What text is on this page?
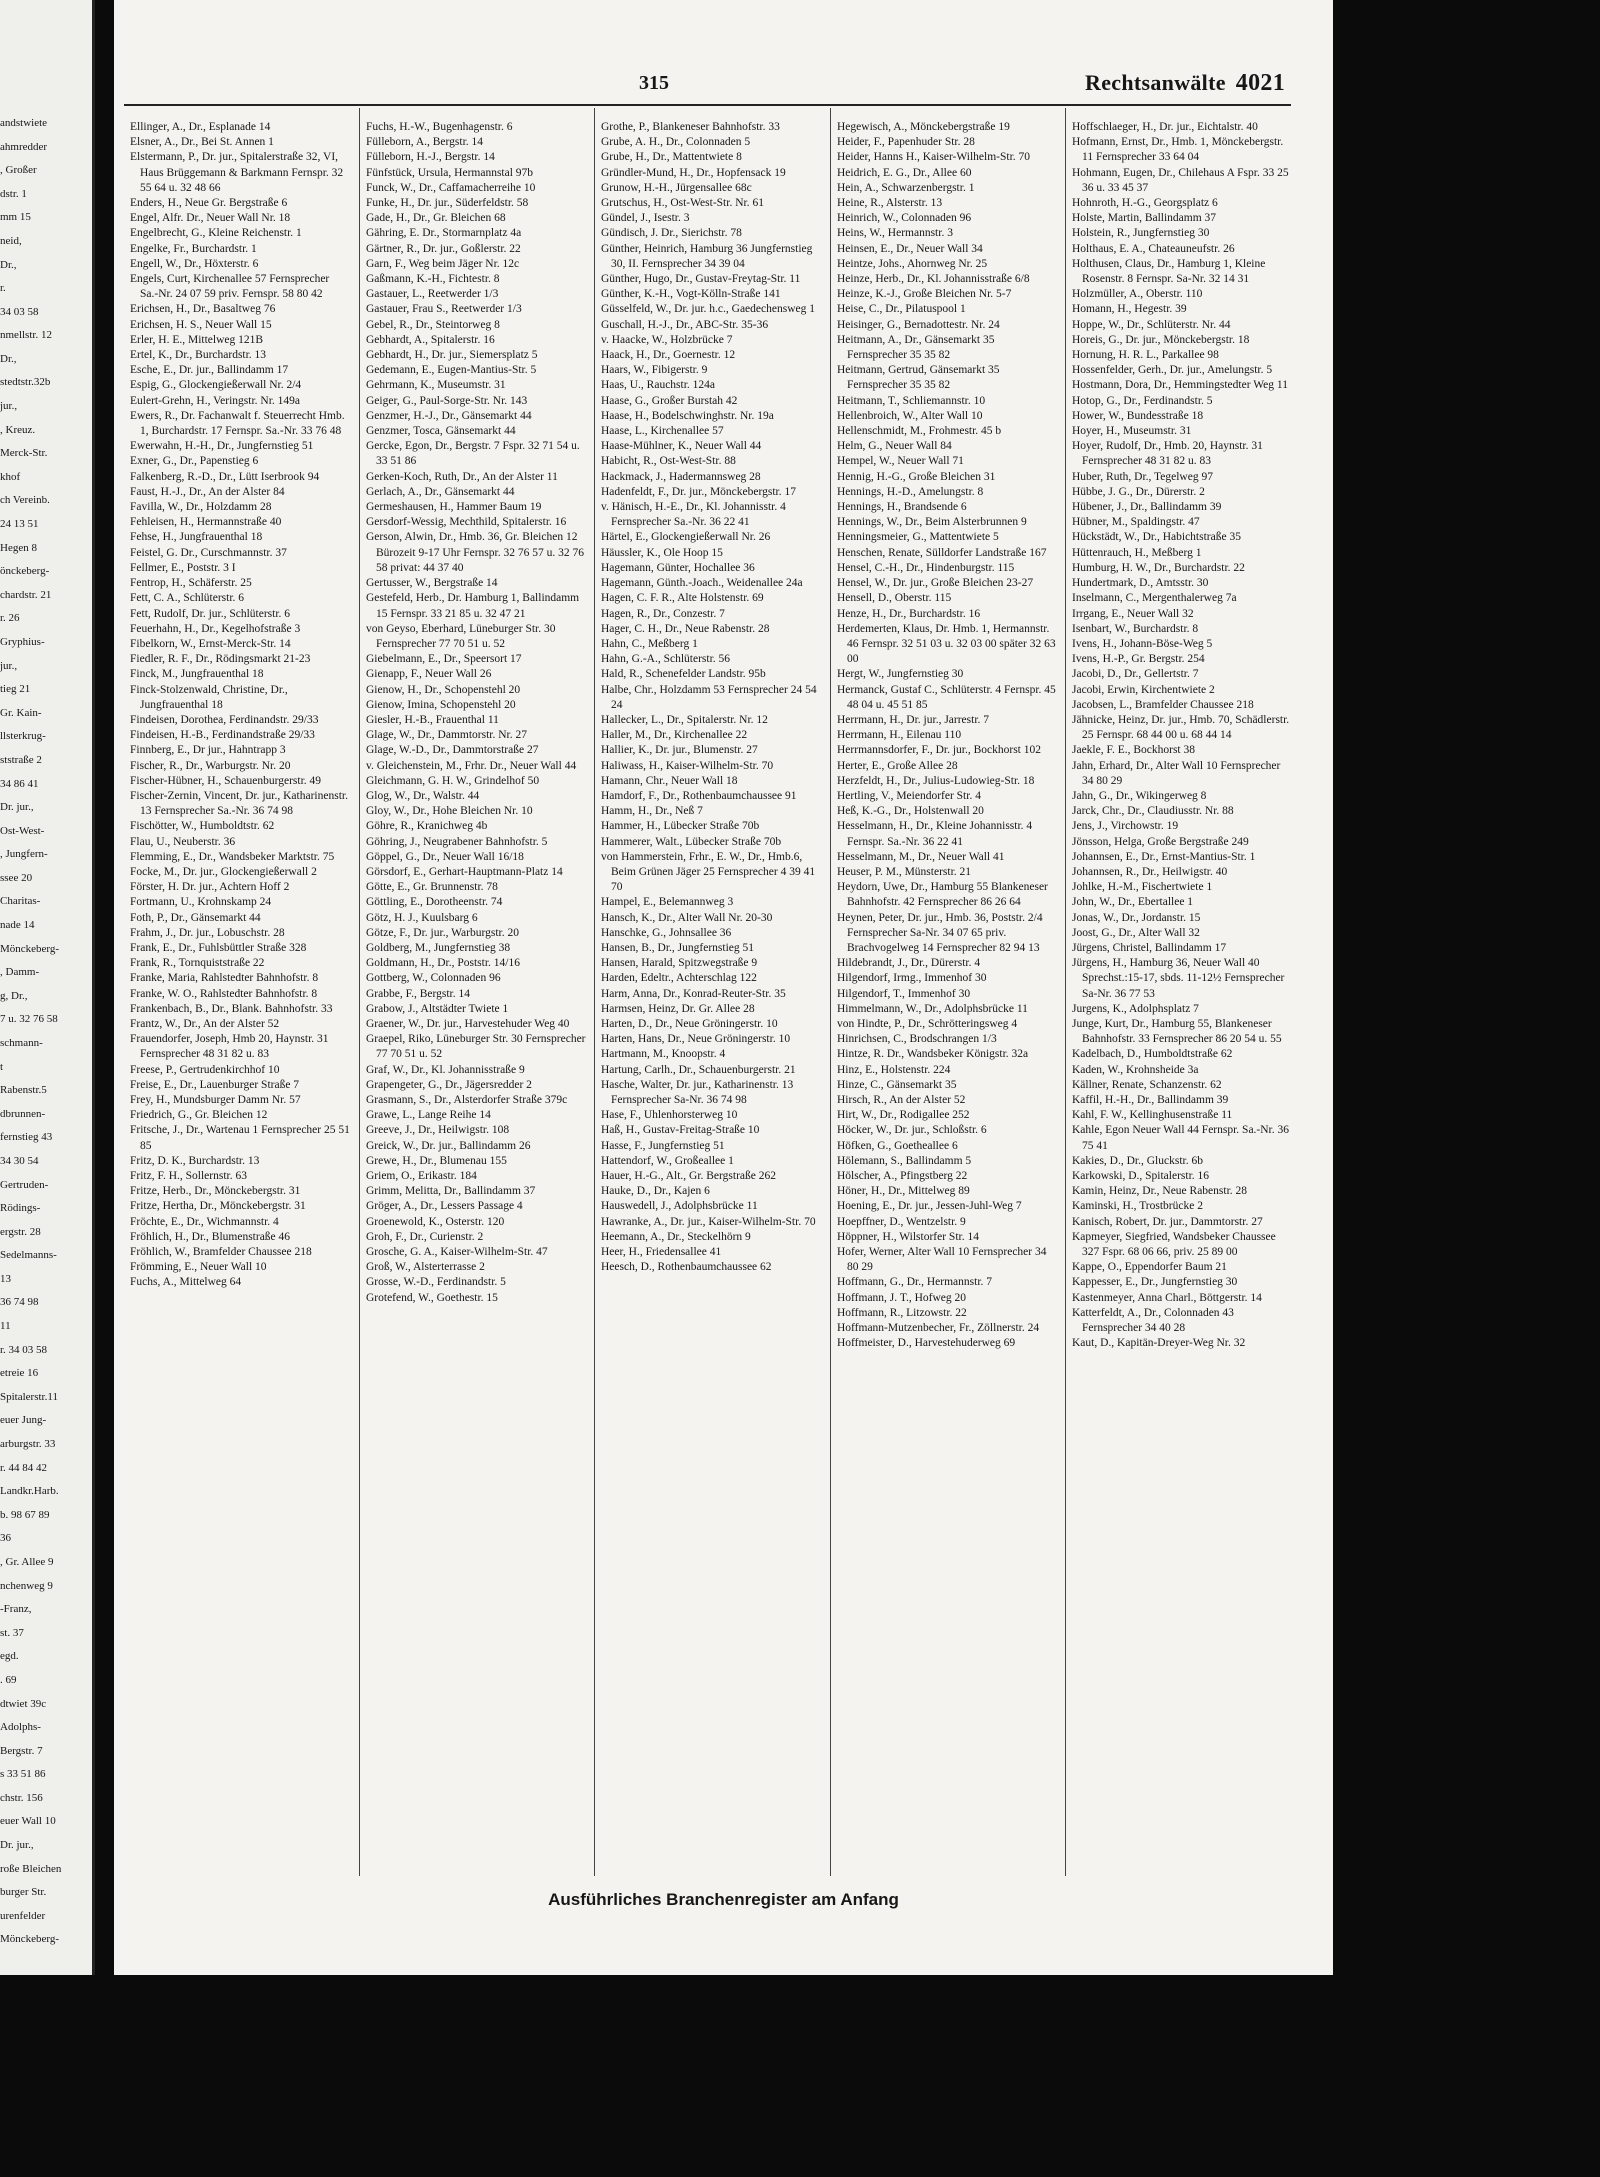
andstwiete
ahmredder
, Großer
dstr. 1
mm 15
neid,
Dr.,
r.
34 03 58
nmellstr. 12
Dr.,
stedtstr.32b
jur.,
, Kreuz.
Merck-Str.
khof
ch Vereinb.
24 13 51
Hegen 8
önckeberg-
chardstr. 21
r. 26
Gryphius-
jur.,
tieg 21
Gr. Kain-
llsterkrug-
ststraße 2
34 86 41
Dr. jur.,
Ost-West-
, Jungfern-
ssee 20
Charitas-
nade 14
Mönckeberg-
, Damm-
g, Dr.,
7 u. 32 76 58
schmann-
t
Rabenstr.5
dbrunnen-
fernstieg 43
34 30 54
Gertruden-
Rödings-
ergstr. 28
Sedelmanns-
13
36 74 98
11
r. 34 03 58
etreie 16
Spitalerstr.11
euer Jung-
arburgstr. 33
r. 44 84 42
Landkr.Harb.
b. 98 67 89
36
, Gr. Allee 9
nchenweg 9
-Franz,
st. 37
egd.
. 69
dtwiet 39c
Adolphs-
Bergstr. 7
s 33 51 86
chstr. 156
euer Wall 10
Dr. jur.,
roße Bleichen
burger Str.
urenfelder
Mönckeberg-
315	Rechtsanwälte 4021

Ellinger, A., Dr., Esplanade 14

Elsner, A., Dr., Bei St. Annen 1

Elstermann, P., Dr. jur., Spitalerstraße 32, VI, Haus Brüggemann & Barkmann Fernspr. 32 55 64 u. 32 48 66

Enders, H., Neue Gr. Bergstraße 6

Engel, Alfr. Dr., Neuer Wall Nr. 18

Engelbrecht, G., Kleine Reichenstr. 1

Engelke, Fr., Burchardstr. 1

Engell, W., Dr., Höxterstr. 6

Engels, Curt, Kirchenallee 57 Fernsprecher Sa.-Nr. 24 07 59 priv. Fernspr. 58 80 42

Erichsen, H., Dr., Basaltweg 76

Erichsen, H. S., Neuer Wall 15

Erler, H. E., Mittelweg 121B

Ertel, K., Dr., Burchardstr. 13

Esche, E., Dr. jur., Ballindamm 17

Espig, G., Glockengießerwall Nr. 2/4

Eulert-Grehn, H., Veringstr. Nr. 149a

Ewers, R., Dr. Fachanwalt f. Steuerrecht Hmb. 1, Burchardstr. 17 Fernspr. Sa.-Nr. 33 76 48

Ewerwahn, H.-H., Dr., Jungfernstieg 51

Exner, G., Dr., Papenstieg 6

Falkenberg, R.-D., Dr., Lütt Iserbrook 94

Faust, H.-J., Dr., An der Alster 84

Favilla, W., Dr., Holzdamm 28

Fehleisen, H., Hermannstraße 40

Fehse, H., Jungfrauenthal 18

Feistel, G. Dr., Curschmannstr. 37

Fellmer, E., Poststr. 3 I

Fentrop, H., Schäferstr. 25

Fett, C. A., Schlüterstr. 6

Fett, Rudolf, Dr. jur., Schlüterstr. 6

Feuerhahn, H., Dr., Kegelhofstraße 3

Fibelkorn, W., Ernst-Merck-Str. 14

Fiedler, R. F., Dr., Rödingsmarkt 21-23

Finck, M., Jungfrauenthal 18

Finck-Stolzenwald, Christine, Dr., Jungfrauenthal 18

Findeisen, Dorothea, Ferdinandstr. 29/33

Findeisen, H.-B., Ferdinandstraße 29/33

Finnberg, E., Dr jur., Hahntrapp 3

Fischer, R., Dr., Warburgstr. Nr. 20

Fischer-Hübner, H., Schauenburgerstr. 49

Fischer-Zernin, Vincent, Dr. jur., Katharinenstr. 13 Fernsprecher Sa.-Nr. 36 74 98

Fischötter, W., Humboldtstr. 62

Flau, U., Neuberstr. 36

Flemming, E., Dr., Wandsbeker Marktstr. 75

Focke, M., Dr. jur., Glockengießerwall 2

Förster, H. Dr. jur., Achtern Hoff 2

Fortmann, U., Krohnskamp 24

Foth, P., Dr., Gänsemarkt 44

Frahm, J., Dr. jur., Lobuschstr. 28

Frank, E., Dr., Fuhlsbüttler Straße 328

Frank, R., Tornquiststraße 22

Franke, Maria, Rahlstedter Bahnhofstr. 8

Franke, W. O., Rahlstedter Bahnhofstr. 8

Frankenbach, B., Dr., Blank. Bahnhofstr. 33

Frantz, W., Dr., An der Alster 52

Frauendorfer, Joseph, Hmb 20, Haynstr. 31 Fernsprecher 48 31 82 u. 83

Freese, P., Gertrudenkirchhof 10

Freise, E., Dr., Lauenburger Straße 7

Frey, H., Mundsburger Damm Nr. 57

Friedrich, G., Gr. Bleichen 12

Fritsche, J., Dr., Wartenau 1 Fernsprecher 25 51 85

Fritz, D. K., Burchardstr. 13

Fritz, F. H., Sollernstr. 63

Fritze, Herb., Dr., Mönckebergstr. 31

Fritze, Hertha, Dr., Mönckebergstr. 31

Fröchte, E., Dr., Wichmannstr. 4

Fröhlich, H., Dr., Blumenstraße 46

Fröhlich, W., Bramfelder Chaussee 218

Frömming, E., Neuer Wall 10

Fuchs, A., Mittelweg 64

Fuchs, H.-W., Bugenhagenstr. 6

Fülleborn, A., Bergstr. 14

Fülleborn, H.-J., Bergstr. 14

Fünfstück, Ursula, Hermannstal 97b

Funck, W., Dr., Caffamacherreihe 10

Funke, H., Dr. jur., Süderfeldstr. 58

Gade, H., Dr., Gr. Bleichen 68

Gähring, E. Dr., Stormarnplatz 4a

Gärtner, R., Dr. jur., Goßlerstr. 22

Garn, F., Weg beim Jäger Nr. 12c

Gaßmann, K.-H., Fichtestr. 8

Gastauer, L., Reetwerder 1/3

Gastauer, Frau S., Reetwerder 1/3

Gebel, R., Dr., Steintorweg 8

Gebhardt, A., Spitalerstr. 16

Gebhardt, H., Dr. jur., Siemersplatz 5

Gedemann, E., Eugen-Mantius-Str. 5

Gehrmann, K., Museumstr. 31

Geiger, G., Paul-Sorge-Str. Nr. 143

Genzmer, H.-J., Dr., Gänsemarkt 44

Genzmer, Tosca, Gänsemarkt 44

Gercke, Egon, Dr., Bergstr. 7 Fspr. 32 71 54 u. 33 51 86

Gerken-Koch, Ruth, Dr., An der Alster 11

Gerlach, A., Dr., Gänsemarkt 44

Germeshausen, H., Hammer Baum 19

Gersdorf-Wessig, Mechthild, Spitalerstr. 16

Gerson, Alwin, Dr., Hmb. 36, Gr. Bleichen 12 Bürozeit 9-17 Uhr Fernspr. 32 76 57 u. 32 76 58 privat: 44 37 40

Gertusser, W., Bergstraße 14

Gestefeld, Herb., Dr. Hamburg 1, Ballindamm 15 Fernspr. 33 21 85 u. 32 47 21

von Geyso, Eberhard, Lüneburger Str. 30 Fernsprecher 77 70 51 u. 52

Giebelmann, E., Dr., Speersort 17

Gienapp, F., Neuer Wall 26

Gienow, H., Dr., Schopenstehl 20

Gienow, Imina, Schopenstehl 20

Giesler, H.-B., Frauenthal 11

Glage, W., Dr., Dammtorstr. Nr. 27

Glage, W.-D., Dr., Dammtorstraße 27

v. Gleichenstein, M., Frhr. Dr., Neuer Wall 44

Gleichmann, G. H. W., Grindelhof 50

Glog, W., Dr., Walstr. 44

Gloy, W., Dr., Hohe Bleichen Nr. 10

Göhre, R., Kranichweg 4b

Göhring, J., Neugrabener Bahnhofstr. 5

Göppel, G., Dr., Neuer Wall 16/18

Görsdorf, E., Gerhart-Hauptmann-Platz 14

Götte, E., Gr. Brunnenstr. 78

Göttling, E., Dorotheenstr. 74

Götz, H. J., Kuulsbarg 6

Götze, F., Dr. jur., Warburgstr. 20

Goldberg, M., Jungfernstieg 38

Goldmann, H., Dr., Poststr. 14/16

Gottberg, W., Colonnaden 96

Grabbe, F., Bergstr. 14

Grabow, J., Altstädter Twiete 1

Graener, W., Dr. jur., Harvestehuder Weg 40

Graepel, Riko, Lüneburger Str. 30 Fernsprecher 77 70 51 u. 52

Graf, W., Dr., Kl. Johannisstraße 9

Grapengeter, G., Dr., Jägersredder 2

Grasmann, S., Dr., Alsterdorfer Straße 379c

Grawe, L., Lange Reihe 14

Greeve, J., Dr., Heilwigstr. 108

Greick, W., Dr. jur., Ballindamm 26

Grewe, H., Dr., Blumenau 155

Griem, O., Erikastr. 184

Grimm, Melitta, Dr., Ballindamm 37

Gröger, A., Dr., Lessers Passage 4

Groenewold, K., Osterstr. 120

Groh, F., Dr., Curienstr. 2

Grosche, G. A., Kaiser-Wilhelm-Str. 47

Groß, W., Alsterterrasse 2

Grosse, W.-D., Ferdinandstr. 5

Grotefend, W., Goethestr. 15

Grothe, P., Blankeneser Bahnhofstr. 33

Grube, A. H., Dr., Colonnaden 5

Grube, H., Dr., Mattentwiete 8

Gründler-Mund, H., Dr., Hopfensack 19

Grunow, H.-H., Jürgensallee 68c

Grutschus, H., Ost-West-Str. Nr. 61

Gündel, J., Isestr. 3

Gündisch, J. Dr., Sierichstr. 78

Günther, Heinrich, Hamburg 36 Jungfernstieg 30, II. Fernsprecher 34 39 04

Günther, Hugo, Dr., Gustav-Freytag-Str. 11

Günther, K.-H., Vogt-Kölln-Straße 141

Güsselfeld, W., Dr. jur. h.c., Gaedechensweg 1

Guschall, H.-J., Dr., ABC-Str. 35-36

v. Haacke, W., Holzbrücke 7

Haack, H., Dr., Goernestr. 12

Haars, W., Fibigerstr. 9

Haas, U., Rauchstr. 124a

Haase, G., Großer Burstah 42

Haase, H., Bodelschwinghstr. Nr. 19a

Haase, L., Kirchenallee 57

Haase-Mühlner, K., Neuer Wall 44

Habicht, R., Ost-West-Str. 88

Hackmack, J., Hadermannsweg 28

Hadenfeldt, F., Dr. jur., Mönckebergstr. 17

v. Hänisch, H.-E., Dr., Kl. Johannisstr. 4 Fernsprecher Sa.-Nr. 36 22 41

Härtel, E., Glockengießerwall Nr. 26

Häussler, K., Ole Hoop 15

Hagemann, Günter, Hochallee 36

Hagemann, Günth.-Joach., Weidenallee 24a

Hagen, C. F. R., Alte Holstenstr. 69

Hagen, R., Dr., Conzestr. 7

Hager, C. H., Dr., Neue Rabenstr. 28

Hahn, C., Meßberg 1

Hahn, G.-A., Schlüterstr. 56

Hald, R., Schenefelder Landstr. 95b

Halbe, Chr., Holzdamm 53 Fernsprecher 24 54 24

Hallecker, L., Dr., Spitalerstr. Nr. 12

Haller, M., Dr., Kirchenallee 22

Hallier, K., Dr. jur., Blumenstr. 27

Haliwass, H., Kaiser-Wilhelm-Str. 70

Hamann, Chr., Neuer Wall 18

Hamdorf, F., Dr., Rothenbaumchaussee 91

Hamm, H., Dr., Neß 7

Hammer, H., Lübecker Straße 70b

Hammerer, Walt., Lübecker Straße 70b

von Hammerstein, Frhr., E. W., Dr., Hmb.6, Beim Grünen Jäger 25 Fernsprecher 4 39 41 70

Hampel, E., Belemannweg 3

Hansch, K., Dr., Alter Wall Nr. 20-30

Hanschke, G., Johnsallee 36

Hansen, B., Dr., Jungfernstieg 51

Hansen, Harald, Spitzwegstraße 9

Harden, Edeltr., Achterschlag 122

Harm, Anna, Dr., Konrad-Reuter-Str. 35

Harmsen, Heinz, Dr. Gr. Allee 28

Harten, D., Dr., Neue Gröningerstr. 10

Harten, Hans, Dr., Neue Gröningerstr. 10

Hartmann, M., Knoopstr. 4

Hartung, Carlh., Dr., Schauenburgerstr. 21

Hasche, Walter, Dr. jur., Katharinenstr. 13 Fernsprecher Sa-Nr. 36 74 98

Hase, F., Uhlenhorsterweg 10

Haß, H., Gustav-Freitag-Straße 10

Hasse, F., Jungfernstieg 51

Hattendorf, W., Großeallee 1

Hauer, H.-G., Alt., Gr. Bergstraße 262

Hauke, D., Dr., Kajen 6

Hauswedell, J., Adolphsbrücke 11

Hawranke, A., Dr. jur., Kaiser-Wilhelm-Str. 70

Heemann, A., Dr., Steckelhörn 9

Heer, H., Friedensallee 41

Heesch, D., Rothenbaumchaussee 62

Hegewisch, A., Mönckebergstraße 19

Heider, F., Papenhuder Str. 28

Heider, Hanns H., Kaiser-Wilhelm-Str. 70

Heidrich, E. G., Dr., Allee 60

Hein, A., Schwarzenbergstr. 1

Heine, R., Alsterstr. 13

Heinrich, W., Colonnaden 96

Heins, W., Hermannstr. 3

Heinsen, E., Dr., Neuer Wall 34

Heintze, Johs., Ahornweg Nr. 25

Heinze, Herb., Dr., Kl. Johannisstraße 6/8

Heinze, K.-J., Große Bleichen Nr. 5-7

Heise, C., Dr., Pilatuspool 1

Heisinger, G., Bernadottestr. Nr. 24

Heitmann, A., Dr., Gänsemarkt 35 Fernsprecher 35 35 82

Heitmann, Gertrud, Gänsemarkt 35 Fernsprecher 35 35 82

Heitmann, T., Schliemannstr. 10

Hellenbroich, W., Alter Wall 10

Hellenschmidt, M., Frohmestr. 45 b

Helm, G., Neuer Wall 84

Hempel, W., Neuer Wall 71

Hennig, H.-G., Große Bleichen 31

Hennings, H.-D., Amelungstr. 8

Hennings, H., Brandsende 6

Hennings, W., Dr., Beim Alsterbrunnen 9

Henningsmeier, G., Mattentwiete 5

Henschen, Renate, Sülldorfer Landstraße 167

Hensel, C.-H., Dr., Hindenburgstr. 115

Hensel, W., Dr. jur., Große Bleichen 23-27

Hensell, D., Oberstr. 115

Henze, H., Dr., Burchardstr. 16

Herdemerten, Klaus, Dr. Hmb. 1, Hermannstr. 46 Fernspr. 32 51 03 u. 32 03 00 später 32 63 00

Hergt, W., Jungfernstieg 30

Hermanck, Gustaf C., Schlüterstr. 4 Fernspr. 45 48 04 u. 45 51 85

Herrmann, H., Dr. jur., Jarrestr. 7

Herrmann, H., Eilenau 110

Herrmannsdorfer, F., Dr. jur., Bockhorst 102

Herter, E., Große Allee 28

Herzfeldt, H., Dr., Julius-Ludowieg-Str. 18

Hertling, V., Meiendorfer Str. 4

Heß, K.-G., Dr., Holstenwall 20

Hesselmann, H., Dr., Kleine Johannisstr. 4 Fernspr. Sa.-Nr. 36 22 41

Hesselmann, M., Dr., Neuer Wall 41

Heuser, P. M., Münsterstr. 21

Heydorn, Uwe, Dr., Hamburg 55 Blankeneser Bahnhofstr. 42 Fernsprecher 86 26 64

Heynen, Peter, Dr. jur., Hmb. 36, Poststr. 2/4 Fernsprecher Sa-Nr. 34 07 65 priv. Brachvogelweg 14 Fernsprecher 82 94 13

Hildebrandt, J., Dr., Dürerstr. 4

Hilgendorf, Irmg., Immenhof 30

Hilgendorf, T., Immenhof 30

Himmelmann, W., Dr., Adolphsbrücke 11

von Hindte, P., Dr., Schrötteringsweg 4

Hinrichsen, C., Brodschrangen 1/3

Hintze, R. Dr., Wandsbeker Königstr. 32a

Hinz, E., Holstenstr. 224

Hinze, C., Gänsemarkt 35

Hirsch, R., An der Alster 52

Hirt, W., Dr., Rodigallee 252

Höcker, W., Dr. jur., Schloßstr. 6

Höfken, G., Goetheallee 6

Hölemann, S., Ballindamm 5

Hölscher, A., Pfingstberg 22

Höner, H., Dr., Mittelweg 89

Hoening, E., Dr. jur., Jessen-Juhl-Weg 7

Hoepffner, D., Wentzelstr. 9

Höppner, H., Wilstorfer Str. 14

Hofer, Werner, Alter Wall 10 Fernsprecher 34 80 29

Hoffmann, G., Dr., Hermannstr. 7

Hoffmann, J. T., Hofweg 20

Hoffmann, R., Litzowstr. 22

Hoffmann-Mutzenbecher, Fr., Zöllnerstr. 24

Hoffmeister, D., Harvestehuderweg 69

Hoffschlaeger, H., Dr. jur., Eichtalstr. 40

Hofmann, Ernst, Dr., Hmb. 1, Mönckebergstr. 11 Fernsprecher 33 64 04

Hohmann, Eugen, Dr., Chilehaus A Fspr. 33 25 36 u. 33 45 37

Hohnroth, H.-G., Georgsplatz 6

Holste, Martin, Ballindamm 37

Holstein, R., Jungfernstieg 30

Holthaus, E. A., Chateauneufstr. 26

Holthusen, Claus, Dr., Hamburg 1, Kleine Rosenstr. 8 Fernspr. Sa-Nr. 32 14 31

Holzmüller, A., Oberstr. 110

Homann, H., Hegestr. 39

Hoppe, W., Dr., Schlüterstr. Nr. 44

Horeis, G., Dr. jur., Mönckebergstr. 18

Hornung, H. R. L., Parkallee 98

Hossenfelder, Gerh., Dr. jur., Amelungstr. 5

Hostmann, Dora, Dr., Hemmingstedter Weg 11

Hotop, G., Dr., Ferdinandstr. 5

Hower, W., Bundesstraße 18

Hoyer, H., Museumstr. 31

Hoyer, Rudolf, Dr., Hmb. 20, Haynstr. 31 Fernsprecher 48 31 82 u. 83

Huber, Ruth, Dr., Tegelweg 97

Hübbe, J. G., Dr., Dürerstr. 2

Hübener, J., Dr., Ballindamm 39

Hübner, M., Spaldingstr. 47

Hückstädt, W., Dr., Habichtstraße 35

Hüttenrauch, H., Meßberg 1

Humburg, H. W., Dr., Burchardstr. 22

Hundertmark, D., Amtsstr. 30

Inselmann, C., Mergenthalerweg 7a

Irrgang, E., Neuer Wall 32

Isenbart, W., Burchardstr. 8

Ivens, H., Johann-Böse-Weg 5

Ivens, H.-P., Gr. Bergstr. 254

Jacobi, D., Dr., Gellertstr. 7

Jacobi, Erwin, Kirchentwiete 2

Jacobsen, L., Bramfelder Chaussee 218

Jähnicke, Heinz, Dr. jur., Hmb. 70, Schädlerstr. 25 Fernspr. 68 44 00 u. 68 44 14

Jaekle, F. E., Bockhorst 38

Jahn, Erhard, Dr., Alter Wall 10 Fernsprecher 34 80 29

Jahn, G., Dr., Wikingerweg 8

Jarck, Chr., Dr., Claudiusstr. Nr. 88

Jens, J., Virchowstr. 19

Jönsson, Helga, Große Bergstraße 249

Johannsen, E., Dr., Ernst-Mantius-Str. 1

Johannsen, R., Dr., Heilwigstr. 40

Johlke, H.-M., Fischertwiete 1

John, W., Dr., Ebertallee 1

Jonas, W., Dr., Jordanstr. 15

Joost, G., Dr., Alter Wall 32

Jürgens, Christel, Ballindamm 17

Jürgens, H., Hamburg 36, Neuer Wall 40 Sprechst.:15-17, sbds. 11-12½ Fernsprecher Sa-Nr. 36 77 53

Jurgens, K., Adolphsplatz 7

Junge, Kurt, Dr., Hamburg 55, Blankeneser Bahnhofstr. 33 Fernsprecher 86 20 54 u. 55

Kadelbach, D., Humboldtstraße 62

Kaden, W., Krohnsheide 3a

Källner, Renate, Schanzenstr. 62

Kaffil, H.-H., Dr., Ballindamm 39

Kahl, F. W., Kellinghusenstraße 11

Kahle, Egon Neuer Wall 44 Fernspr. Sa.-Nr. 36 75 41

Kakies, D., Dr., Gluckstr. 6b

Karkowski, D., Spitalerstr. 16

Kamin, Heinz, Dr., Neue Rabenstr. 28

Kaminski, H., Trostbrücke 2

Kanisch, Robert, Dr. jur., Dammtorstr. 27

Kapmeyer, Siegfried, Wandsbeker Chaussee 327 Fspr. 68 06 66, priv. 25 89 00

Kappe, O., Eppendorfer Baum 21

Kappesser, E., Dr., Jungfernstieg 30

Kastenmeyer, Anna Charl., Böttgerstr. 14

Katterfeldt, A., Dr., Colonnaden 43 Fernsprecher 34 40 28

Kaut, D., Kapitän-Dreyer-Weg Nr. 32

Ausführliches Branchenregister am Anfang
